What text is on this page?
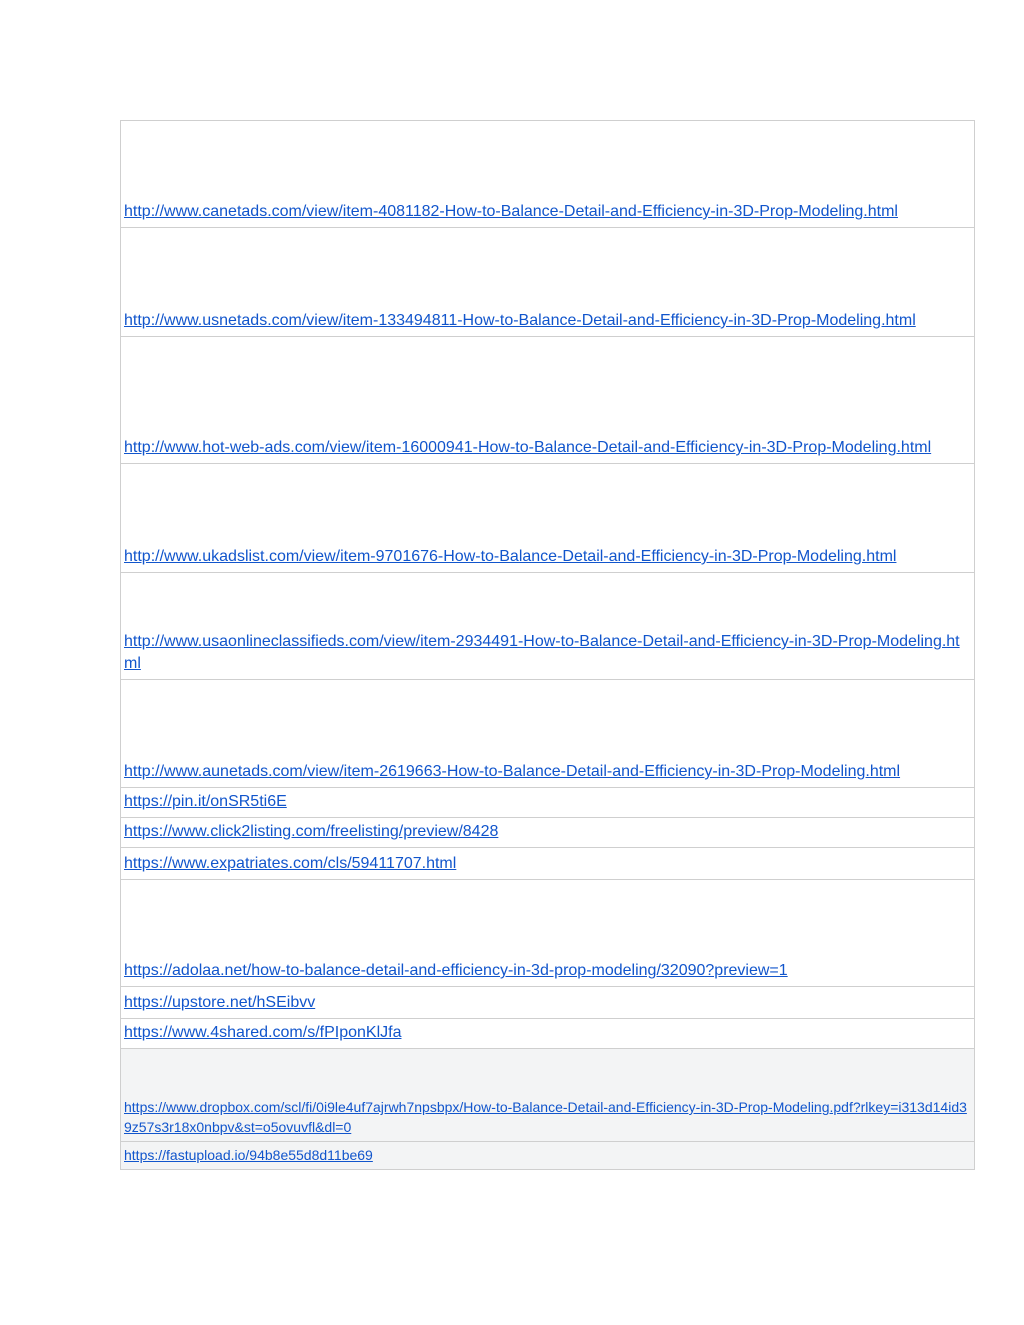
http://www.canetads.com/view/item-4081182-How-to-Balance-Detail-and-Efficiency-in-3D-Prop-Modeling.html
http://www.usnetads.com/view/item-133494811-How-to-Balance-Detail-and-Efficiency-in-3D-Prop-Modeling.html
http://www.hot-web-ads.com/view/item-16000941-How-to-Balance-Detail-and-Efficiency-in-3D-Prop-Modeling.html
http://www.ukadslist.com/view/item-9701676-How-to-Balance-Detail-and-Efficiency-in-3D-Prop-Modeling.html
http://www.usaonlineclassifieds.com/view/item-2934491-How-to-Balance-Detail-and-Efficiency-in-3D-Prop-Modeling.html
http://www.aunetads.com/view/item-2619663-How-to-Balance-Detail-and-Efficiency-in-3D-Prop-Modeling.html
https://pin.it/onSR5ti6E
https://www.click2listing.com/freelisting/preview/8428
https://www.expatriates.com/cls/59411707.html
https://adolaa.net/how-to-balance-detail-and-efficiency-in-3d-prop-modeling/32090?preview=1
https://upstore.net/hSEibvv
https://www.4shared.com/s/fPIponKlJfa
https://www.dropbox.com/scl/fi/0i9le4uf7ajrwh7npsbpx/How-to-Balance-Detail-and-Efficiency-in-3D-Prop-Modeling.pdf?rlkey=i313d14id39z57s3r18x0nbpv&st=o5ovuvfl&dl=0
https://fastupload.io/94b8e55d8d11be69
